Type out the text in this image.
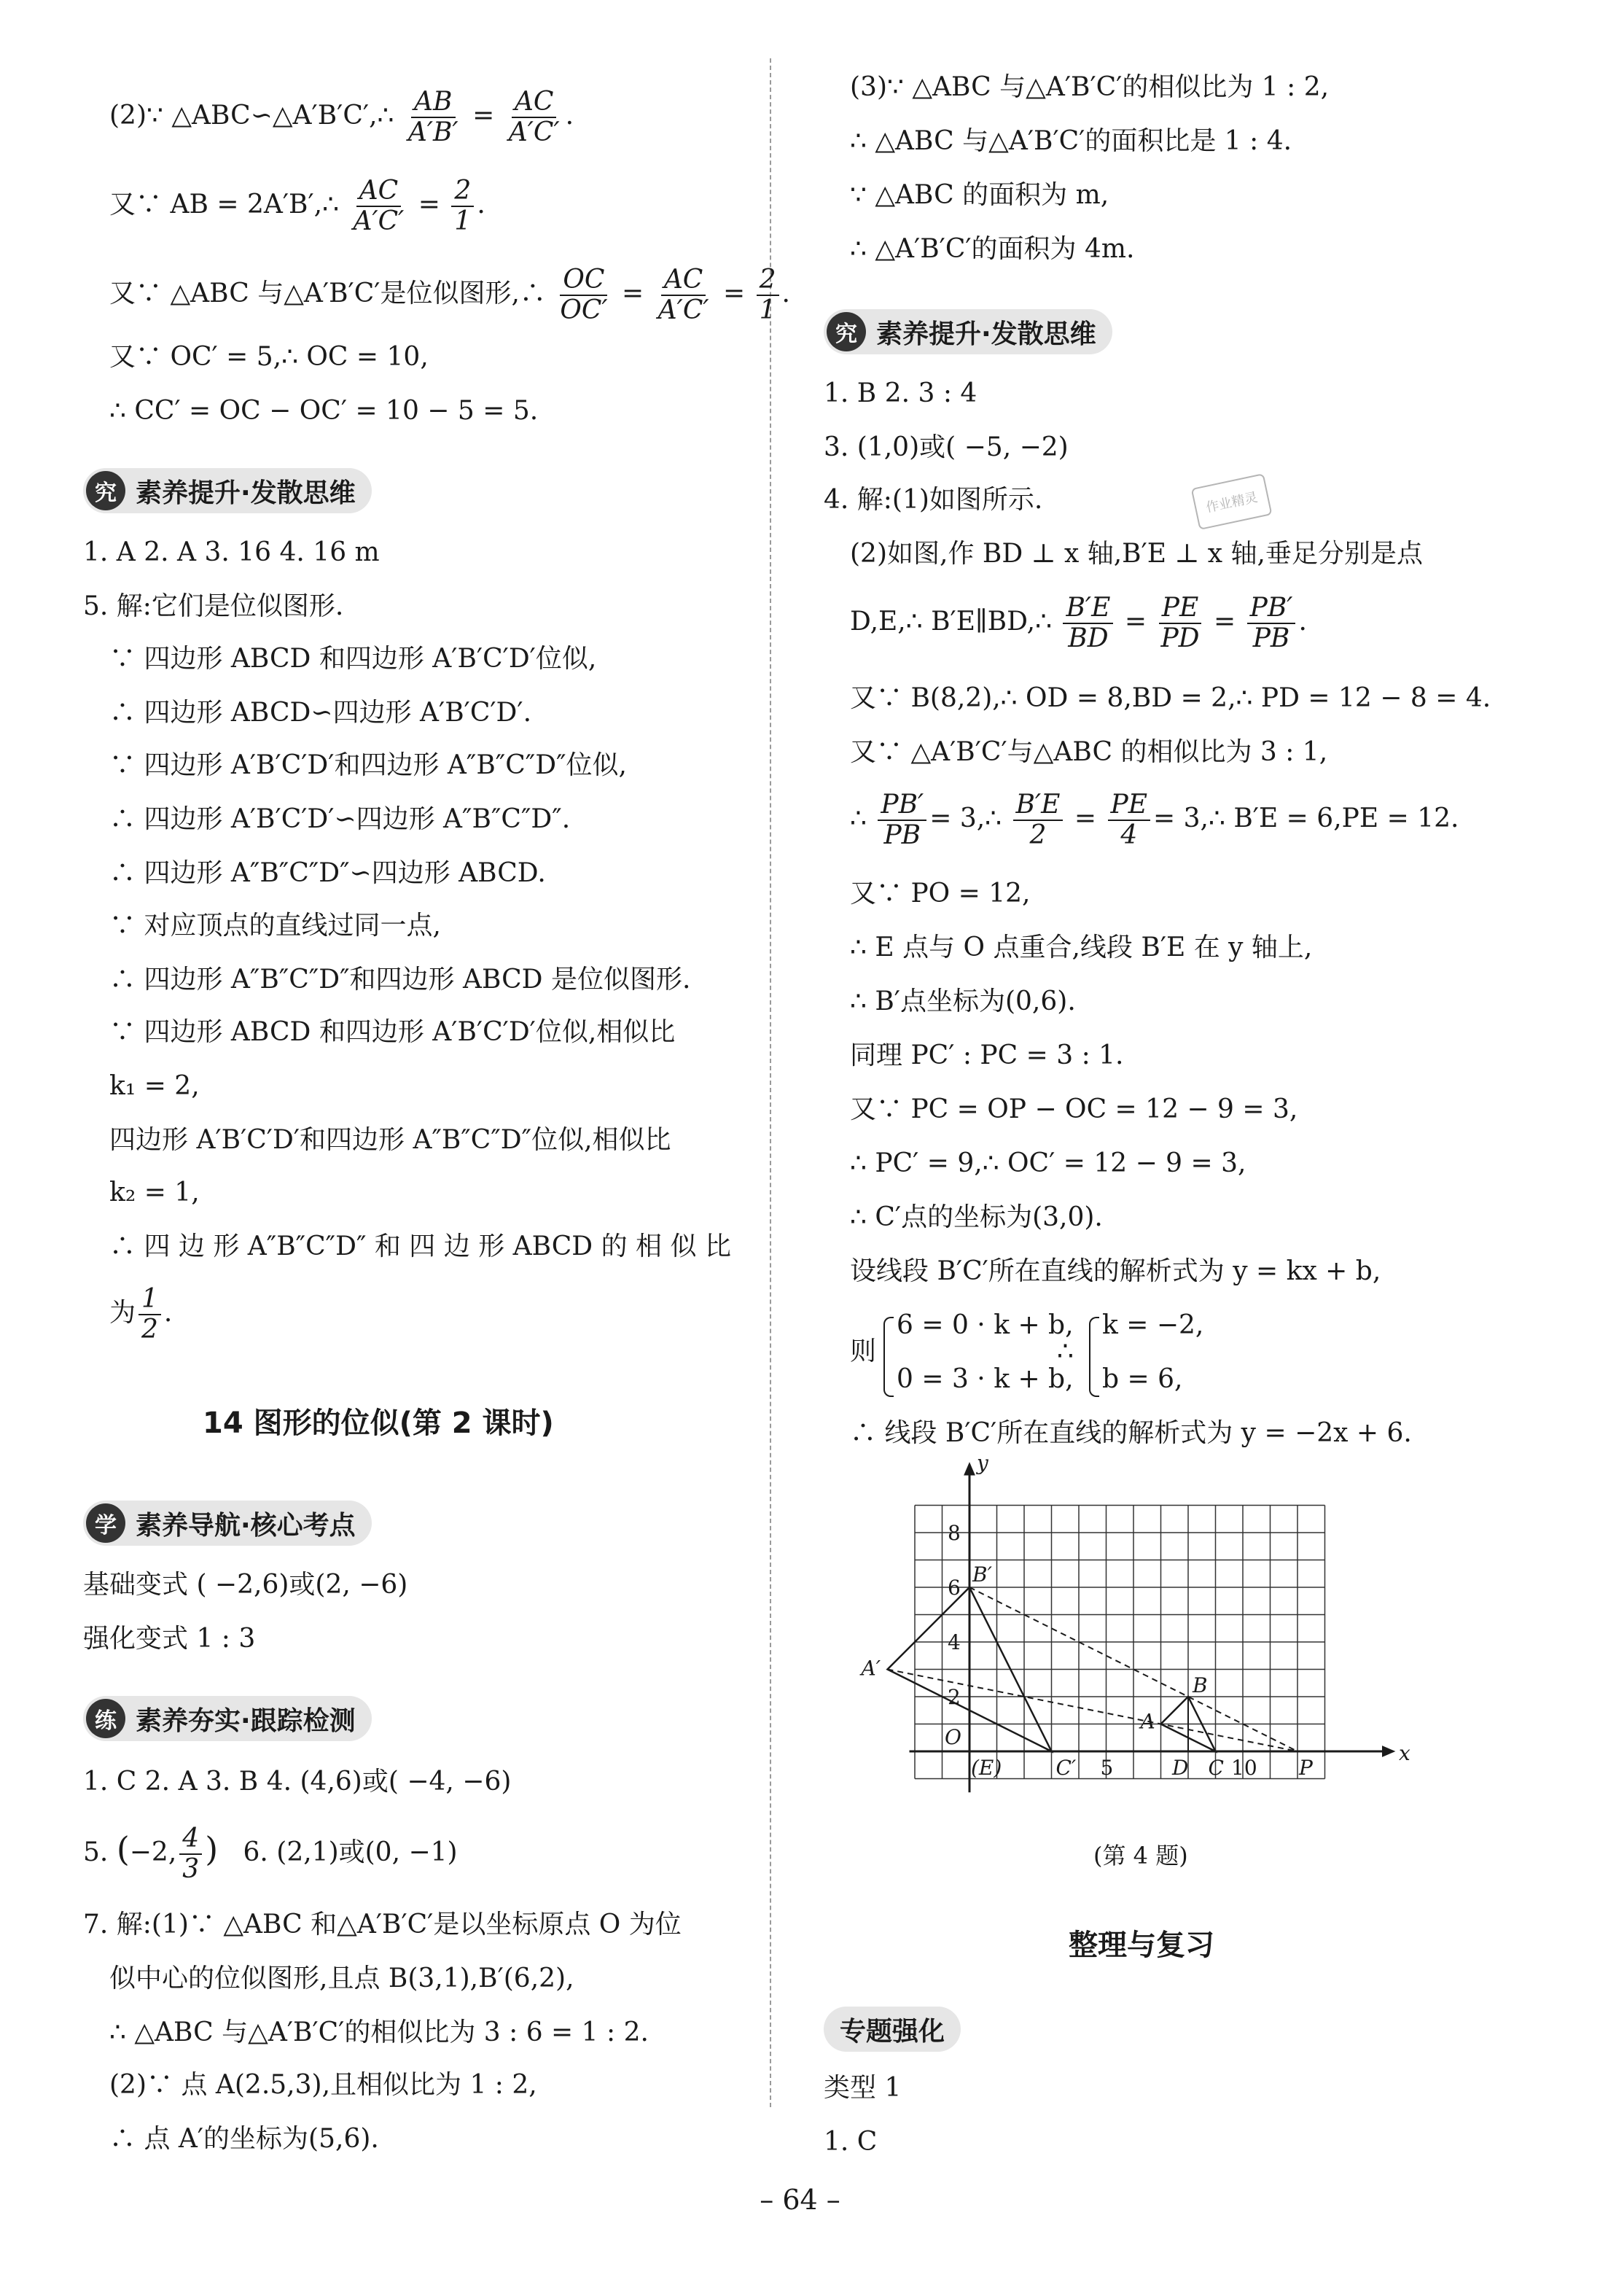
(2)∵ △ABC∽△A′B′C′,∴ $\frac{AB}{A'B'} = \frac{AC}{A'C'}$ .
又∵ AB = 2A′B′,∴ $\frac{AC}{A'C'} = \frac{2}{1}$ .
又∵ △ABC 与△A′B′C′是位似图形,∴ $\frac{OC}{OC'} = \frac{AC}{A'C'} = \frac{2}{1}$ .
又∵ OC′ = 5,∴ OC = 10,
∴ CC′ = OC − OC′ = 10 − 5 = 5.
究 素养提升·发散思维
1. A 2. A 3. 16 4. 16 m
5. 解:它们是位似图形.
∵ 四边形 ABCD 和四边形 A′B′C′D′位似,
∴ 四边形 ABCD∽四边形 A′B′C′D′.
∵ 四边形 A′B′C′D′和四边形 A″B″C″D″位似,
∴ 四边形 A′B′C′D′∽四边形 A″B″C″D″.
∴ 四边形 A″B″C″D″∽四边形 ABCD.
∵ 对应顶点的直线过同一点,
∴ 四边形 A″B″C″D″和四边形 ABCD 是位似图形.
∵ 四边形 ABCD 和四边形 A′B′C′D′位似,相似比
k₁ = 2,
四边形 A′B′C′D′和四边形 A″B″C″D″位似,相似比
k₂ = 1,
∴ 四 边 形 A″B″C″D″ 和 四 边 形 ABCD 的 相 似 比
为 $\frac{1}{2}$ .
14 图形的位似(第 2 课时)
学 素养导航·核心考点
基础变式 ( −2,6)或(2, −6)
强化变式 1 : 3
练 素养夯实·跟踪检测
1. C 2. A 3. B 4. (4,6)或( −4, −6)
5. (−2, $\frac{4}{3}$ ) 6. (2,1)或(0, −1)
7. 解:(1)∵ △ABC 和△A′B′C′是以坐标原点 O 为位
似中心的位似图形,且点 B(3,1),B′(6,2),
∴ △ABC 与△A′B′C′的相似比为 3 : 6 = 1 : 2.
(2)∵ 点 A(2.5,3),且相似比为 1 : 2,
∴ 点 A′的坐标为(5,6).
(3)∵ △ABC 与△A′B′C′的相似比为 1 : 2,
∴ △ABC 与△A′B′C′的面积比是 1 : 4.
∵ △ABC 的面积为 m,
∴ △A′B′C′的面积为 4m.
究 素养提升·发散思维
1. B 2. 3 : 4
3. (1,0)或( −5, −2)
4. 解:(1)如图所示.	作业精灵
(2)如图,作 BD ⊥ x 轴,B′E ⊥ x 轴,垂足分别是点
D,E,∴ B′E∥BD,∴ $\frac{B'E}{BD} = \frac{PE}{PD} = \frac{PB'}{PB}$ .
又∵ B(8,2),∴ OD = 8,BD = 2,∴ PD = 12 − 8 = 4.
又∵ △A′B′C′与△ABC 的相似比为 3 : 1,
∴ $\frac{PB'}{PB}$ = 3,∴ $\frac{B'E}{2} = \frac{PE}{4}$ = 3,∴ B′E = 6,PE = 12.
又∵ PO = 12,
∴ E 点与 O 点重合,线段 B′E 在 y 轴上,
∴ B′点坐标为(0,6).
同理 PC′ : PC = 3 : 1.
又∵ PC = OP − OC = 12 − 9 = 3,
∴ PC′ = 9,∴ OC′ = 12 − 9 = 3,
∴ C′点的坐标为(3,0).
设线段 B′C′所在直线的解析式为 y = kx + b,
则
6 = 0 · k + b,
0 = 3 · k + b,
∴
k = −2,
b = 6,
∴ 线段 B′C′所在直线的解析式为 y = −2x + 6.
y
x
O
(E)	C′	D C	P
B′
A′
A
B
8
6
4
2
5	10
(第 4 题)
整理与复习
专题强化
类型 1
1. C
– 64 –
